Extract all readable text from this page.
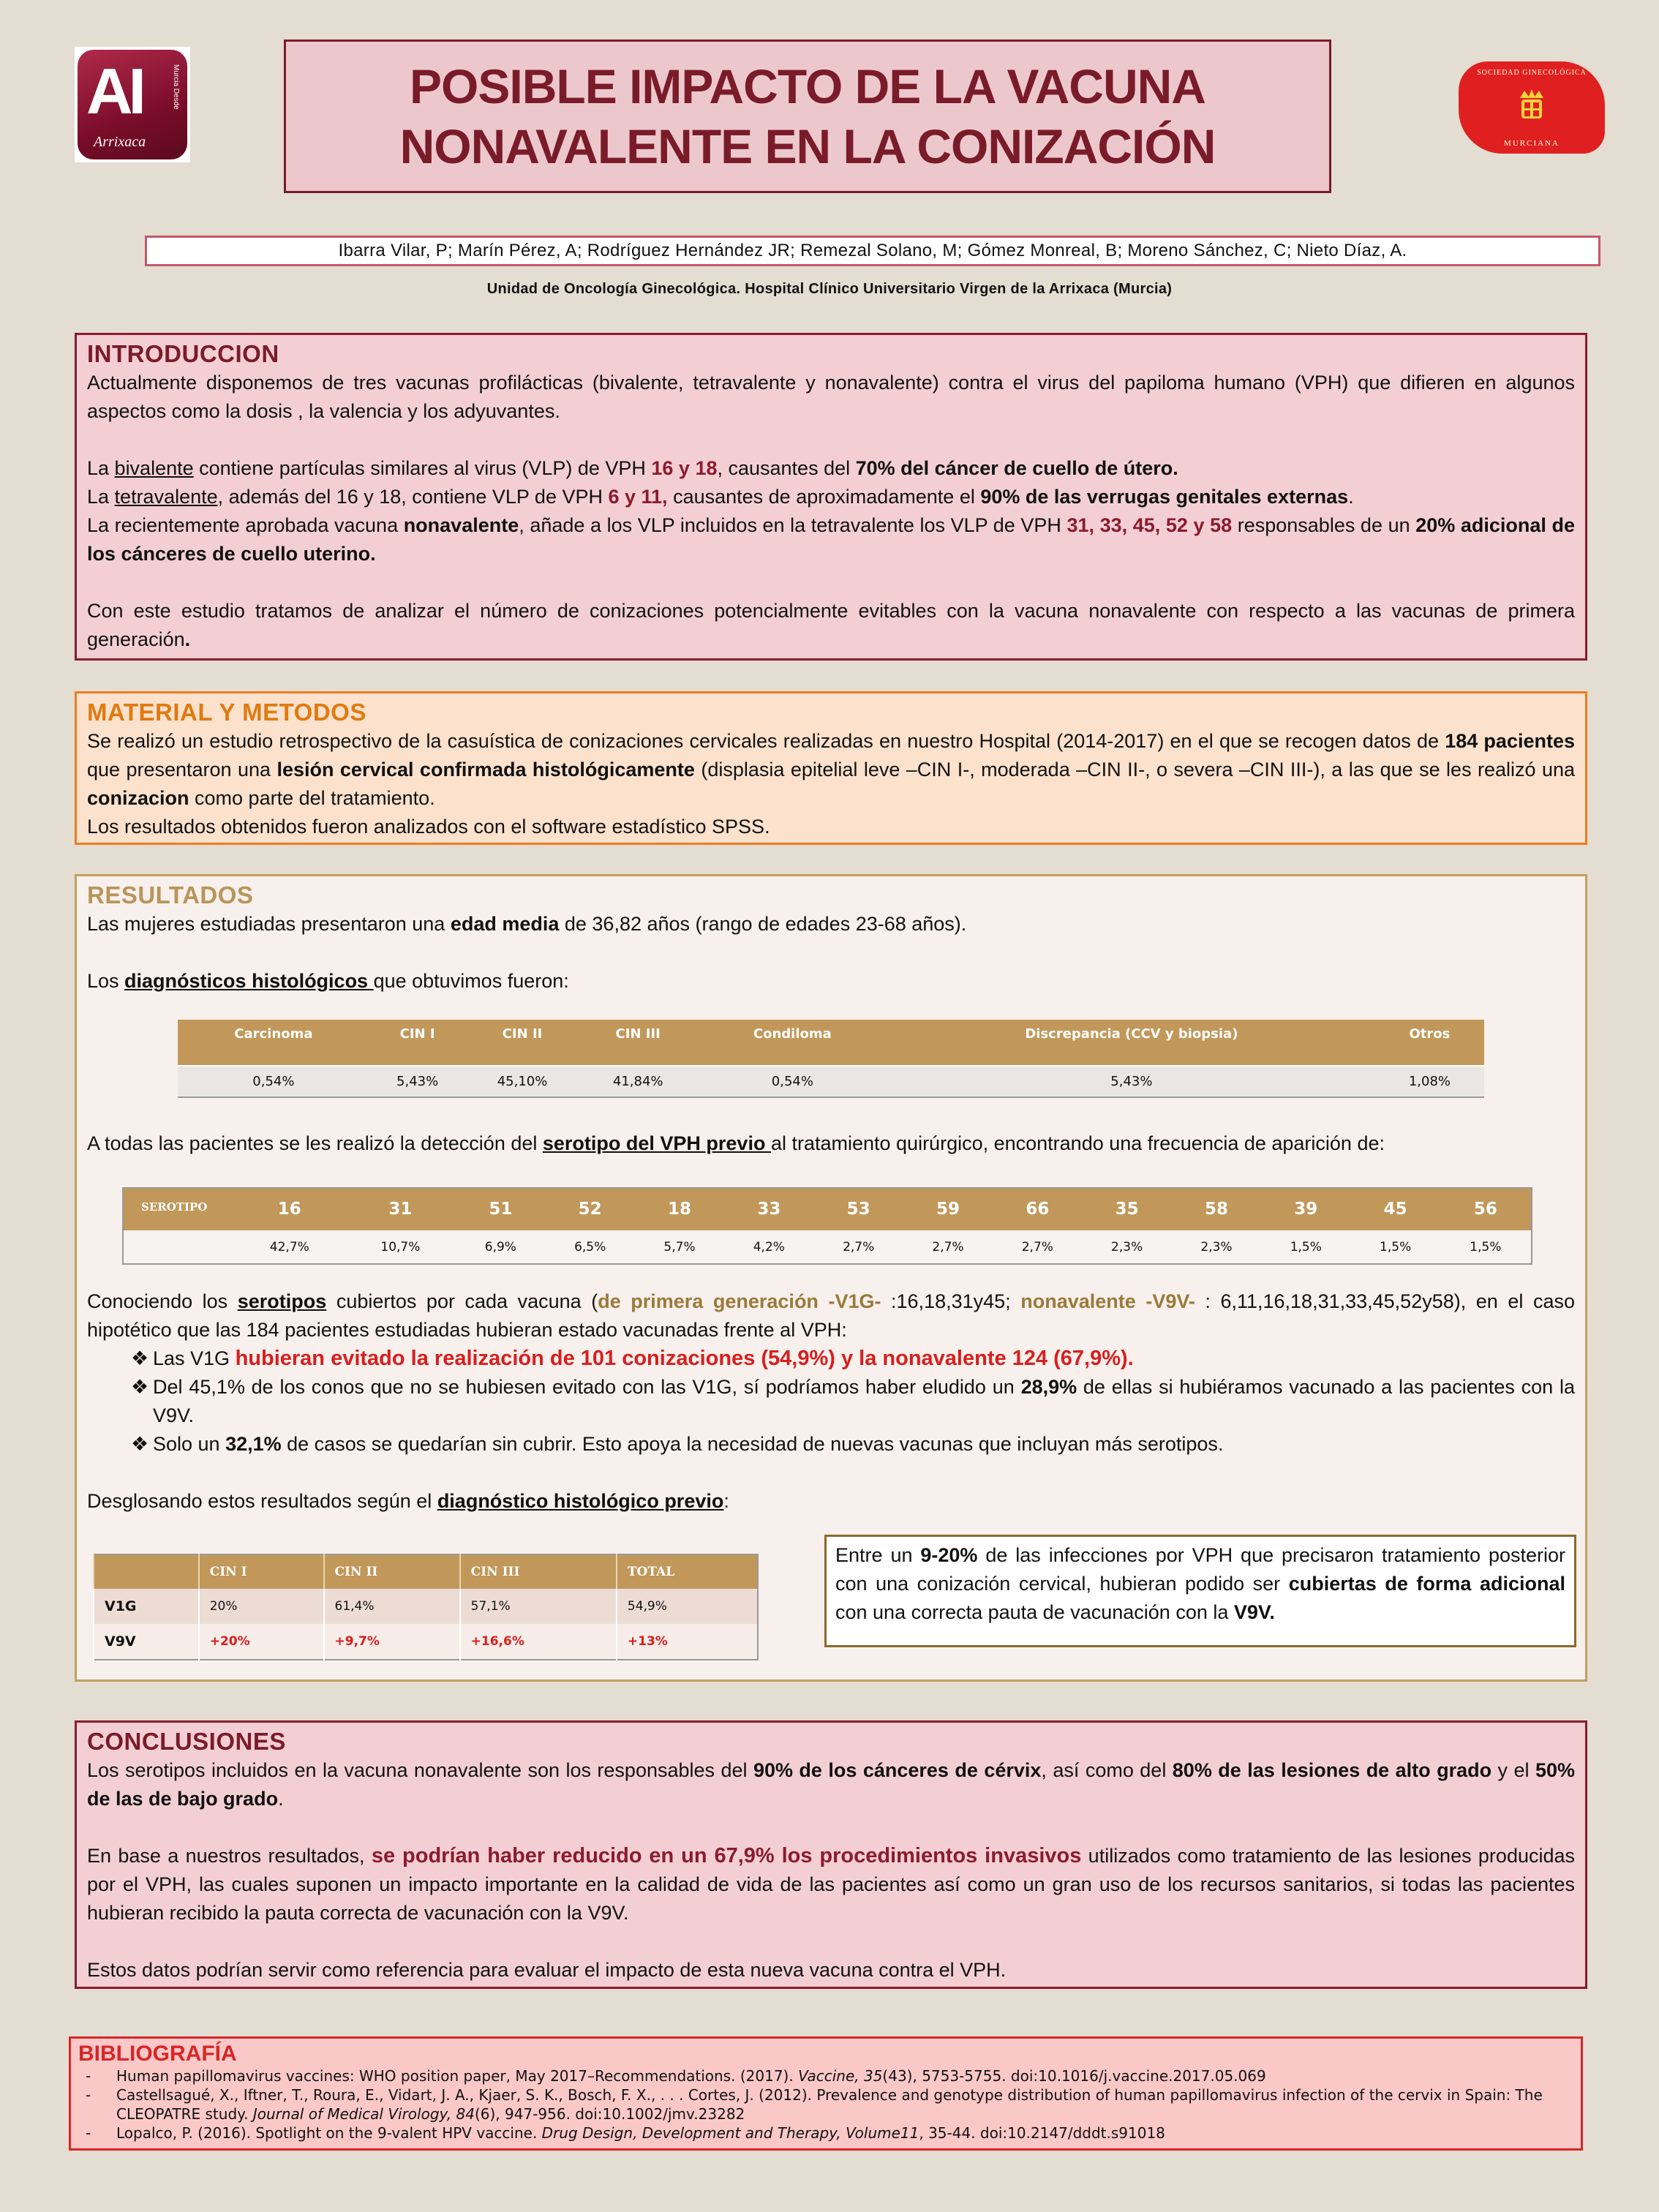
AI	Murcia Desde
Arrixaca
POSIBLE IMPACTO DE LA VACUNA
NONAVALENTE EN LA CONIZACIÓN
SOCIEDAD GINECOLÓGICA
MURCIANA
Ibarra Vilar, P; Marín Pérez, A; Rodríguez Hernández JR; Remezal Solano, M; Gómez Monreal, B; Moreno Sánchez, C; Nieto Díaz, A.
Unidad de Oncología Ginecológica. Hospital Clínico Universitario Virgen de la Arrixaca (Murcia)
INTRODUCCION

Actualmente disponemos de tres vacunas profilácticas (bivalente, tetravalente y nonavalente) contra el virus del papiloma humano (VPH) que difieren en algunos aspectos como la dosis , la valencia y los adyuvantes.

La bivalente contiene partículas similares al virus (VLP) de VPH 16 y 18, causantes del 70% del cáncer de cuello de útero.

La tetravalente, además del 16 y 18, contiene VLP de VPH 6 y 11, causantes de aproximadamente el 90% de las verrugas genitales externas.

La recientemente aprobada vacuna nonavalente, añade a los VLP incluidos en la tetravalente los VLP de VPH 31, 33, 45, 52 y 58 responsables de un 20% adicional de los cánceres de cuello uterino.

Con este estudio tratamos de analizar el número de conizaciones potencialmente evitables con la vacuna nonavalente con respecto a las vacunas de primera generación.

MATERIAL Y METODOS

Se realizó un estudio retrospectivo de la casuística de conizaciones cervicales realizadas en nuestro Hospital (2014-2017) en el que se recogen datos de 184 pacientes que presentaron una lesión cervical confirmada histológicamente (displasia epitelial leve –CIN I-, moderada –CIN II-, o severa –CIN III-), a las que se les realizó una conizacion como parte del tratamiento.

Los resultados obtenidos fueron analizados con el software estadístico SPSS.

RESULTADOS

Las mujeres estudiadas presentaron una edad media de 36,82 años (rango de edades 23-68 años).

Los diagnósticos histológicos que obtuvimos fueron:

Carcinoma	CIN I	CIN II	CIN III	Condiloma	Discrepancia (CCV y biopsia)	Otros
0,54%	5,43%	45,10%	41,84%	0,54%	5,43%	1,08%

A todas las pacientes se les realizó la detección del serotipo del VPH previo al tratamiento quirúrgico, encontrando una frecuencia de aparición de:

SEROTIPO	16	31	51	52	18	33	53	59	66	35	58	39	45	56
	42,7%	10,7%	6,9%	6,5%	5,7%	4,2%	2,7%	2,7%	2,7%	2,3%	2,3%	1,5%	1,5%	1,5%

Conociendo los serotipos cubiertos por cada vacuna (de primera generación -V1G- :16,18,31y45; nonavalente -V9V- : 6,11,16,18,31,33,45,52y58), en el caso hipotético que las 184 pacientes estudiadas hubieran estado vacunadas frente al VPH:

❖ Las V1G hubieran evitado la realización de 101 conizaciones (54,9%) y la nonavalente 124 (67,9%).
❖ Del 45,1% de los conos que no se hubiesen evitado con las V1G, sí podríamos haber eludido un 28,9% de ellas si hubiéramos vacunado a las pacientes con la V9V.
❖ Solo un 32,1% de casos se quedarían sin cubrir. Esto apoya la necesidad de nuevas vacunas que incluyan más serotipos.

Desglosando estos resultados según el diagnóstico histológico previo:

	CIN I	CIN II	CIN III	TOTAL
V1G	20%	61,4%	57,1%	54,9%
V9V	+20%	+9,7%	+16,6%	+13%
Entre un 9-20% de las infecciones por VPH que precisaron tratamiento posterior con una conización cervical, hubieran podido ser cubiertas de forma adicional con una correcta pauta de vacunación con la V9V.
CONCLUSIONES

Los serotipos incluidos en la vacuna nonavalente son los responsables del 90% de los cánceres de cérvix, así como del 80% de las lesiones de alto grado y el 50% de las de bajo grado.

En base a nuestros resultados, se podrían haber reducido en un 67,9% los procedimientos invasivos utilizados como tratamiento de las lesiones producidas por el VPH, las cuales suponen un impacto importante en la calidad de vida de las pacientes así como un gran uso de los recursos sanitarios, si todas las pacientes hubieran recibido la pauta correcta de vacunación con la V9V.

Estos datos podrían servir como referencia para evaluar el impacto de esta nueva vacuna contra el VPH.

BIBLIOGRAFÍA
-	Human papillomavirus vaccines: WHO position paper, May 2017–Recommendations. (2017). Vaccine, 35(43), 5753-5755. doi:10.1016/j.vaccine.2017.05.069
-	Castellsagué, X., Iftner, T., Roura, E., Vidart, J. A., Kjaer, S. K., Bosch, F. X., . . . Cortes, J. (2012). Prevalence and genotype distribution of human papillomavirus infection of the cervix in Spain: The CLEOPATRE study. Journal of Medical Virology, 84(6), 947-956. doi:10.1002/jmv.23282
-	Lopalco, P. (2016). Spotlight on the 9-valent HPV vaccine. Drug Design, Development and Therapy, Volume11, 35-44. doi:10.2147/dddt.s91018
